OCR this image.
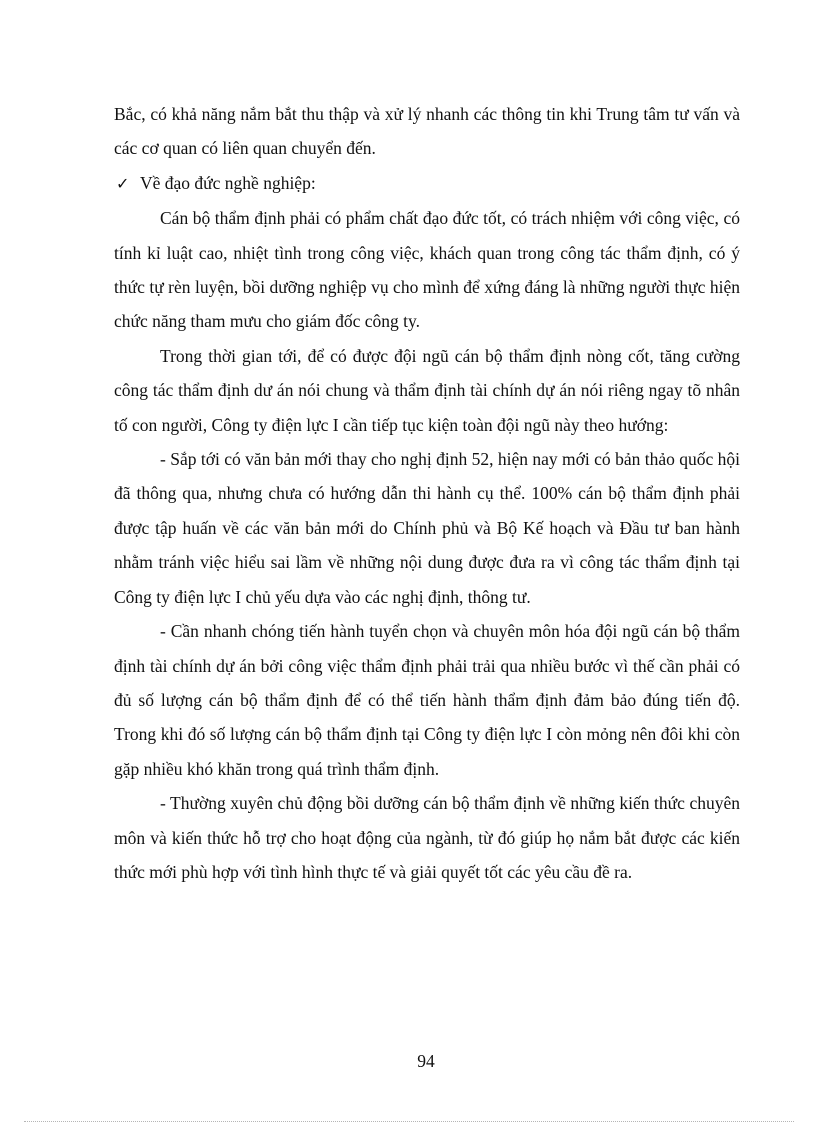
Bắc, có khả năng nắm bắt thu thập và xử lý nhanh các thông tin khi Trung tâm tư vấn và các cơ quan có liên quan chuyển đến.

✓ Về đạo đức nghề nghiệp:

Cán bộ thẩm định phải có phẩm chất đạo đức tốt, có trách nhiệm với công việc, có tính kỉ luật cao, nhiệt tình trong công việc, khách quan trong công tác thẩm định, có ý thức tự rèn luyện, bồi dưỡng nghiệp vụ cho mình để xứng đáng là những người thực hiện chức năng tham mưu cho giám đốc công ty.

Trong thời gian tới, để có được đội ngũ cán bộ thẩm định nòng cốt, tăng cường công tác thẩm định dư án nói chung và thẩm định tài chính dự án nói riêng ngay tõ nhân tố con người, Công ty điện lực I cần tiếp tục kiện toàn đội ngũ này theo hướng:

- Sắp tới có văn bản mới thay cho nghị định 52, hiện nay mới có bản thảo quốc hội đã thông qua, nhưng chưa có hướng dẫn thi hành cụ thể. 100% cán bộ thẩm định phải được tập huấn về các văn bản mới do Chính phủ và Bộ Kế hoạch và Đầu tư ban hành nhằm tránh việc hiểu sai lầm về những nội dung được đưa ra vì công tác thẩm định tại Công ty điện lực I chủ yếu dựa vào các nghị định, thông tư.

- Cần nhanh chóng tiến hành tuyển chọn và chuyên môn hóa đội ngũ cán bộ thẩm định tài chính dự án bởi công việc thẩm định phải trải qua nhiều bước vì thế cần phải có đủ số lượng cán bộ thẩm định để có thể tiến hành thẩm định đảm bảo đúng tiến độ. Trong khi đó số lượng cán bộ thẩm định tại Công ty điện lực I còn mỏng nên đôi khi còn gặp nhiều khó khăn trong quá trình thẩm định.

- Thường xuyên chủ động bồi dưỡng cán bộ thẩm định về những kiến thức chuyên môn và kiến thức hỗ trợ cho hoạt động của ngành, từ đó giúp họ nắm bắt được các kiến thức mới phù hợp với tình hình thực tế và giải quyết tốt các yêu cầu đề ra.

94
